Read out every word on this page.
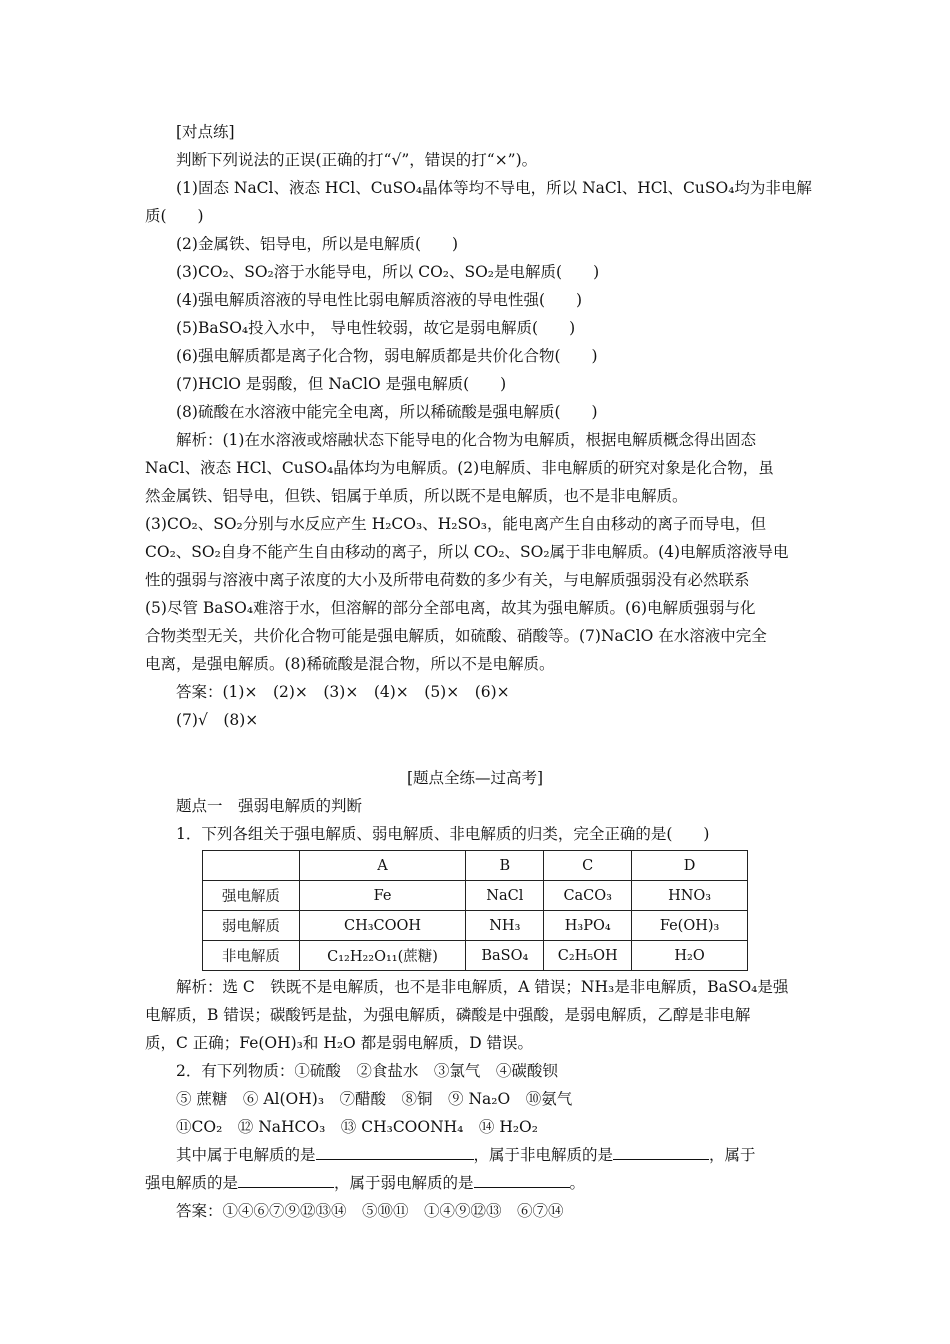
[对点练]
判断下列说法的正误(正确的打“√”，错误的打“×”)。
(1)固态 NaCl、液态 HCl、CuSO₄晶体等均不导电，所以 NaCl、HCl、CuSO₄均为非电解
质(　　)
(2)金属铁、铝导电，所以是电解质(　　)
(3)CO₂、SO₂溶于水能导电，所以 CO₂、SO₂是电解质(　　)
(4)强电解质溶液的导电性比弱电解质溶液的导电性强(　　)
(5)BaSO₄投入水中， 导电性较弱，故它是弱电解质(　　)
(6)强电解质都是离子化合物，弱电解质都是共价化合物(　　)
(7)HClO 是弱酸，但 NaClO 是强电解质(　　)
(8)硫酸在水溶液中能完全电离，所以稀硫酸是强电解质(　　)
解析：(1)在水溶液或熔融状态下能导电的化合物为电解质，根据电解质概念得出固态
NaCl、液态 HCl、CuSO₄晶体均为电解质。(2)电解质、非电解质的研究对象是化合物，虽
然金属铁、铝导电，但铁、铝属于单质，所以既不是电解质，也不是非电解质。
(3)CO₂、SO₂分别与水反应产生 H₂CO₃、H₂SO₃，能电离产生自由移动的离子而导电，但
CO₂、SO₂自身不能产生自由移动的离子，所以 CO₂、SO₂属于非电解质。(4)电解质溶液导电
性的强弱与溶液中离子浓度的大小及所带电荷数的多少有关，与电解质强弱没有必然联系
(5)尽管 BaSO₄难溶于水，但溶解的部分全部电离，故其为强电解质。(6)电解质强弱与化
合物类型无关，共价化合物可能是强电解质，如硫酸、硝酸等。(7)NaClO 在水溶液中完全
电离，是强电解质。(8)稀硫酸是混合物，所以不是电解质。
答案：(1)×　(2)×　(3)×　(4)×　(5)×　(6)×
(7)√　(8)×
[题点全练—过高考]
题点一　强弱电解质的判断
1．下列各组关于强电解质、弱电解质、非电解质的归类，完全正确的是(　　)
	A	B	C	D
强电解质	Fe	NaCl	CaCO₃	HNO₃
弱电解质	CH₃COOH	NH₃	H₃PO₄	Fe(OH)₃
非电解质	C₁₂H₂₂O₁₁(蔗糖)	BaSO₄	C₂H₅OH	H₂O
解析：选 C　铁既不是电解质，也不是非电解质，A 错误；NH₃是非电解质，BaSO₄是强
电解质，B 错误；碳酸钙是盐，为强电解质，磷酸是中强酸，是弱电解质，乙醇是非电解
质，C 正确；Fe(OH)₃和 H₂O 都是弱电解质，D 错误。
2．有下列物质：①硫酸　②食盐水　③氯气　④碳酸钡
⑤ 蔗糖　⑥ Al(OH)₃　⑦醋酸　⑧铜　⑨ Na₂O　⑩氨气
⑪CO₂　⑫ NaHCO₃　⑬ CH₃COONH₄　⑭ H₂O₂
其中属于电解质的是	，属于非电解质的是	，属于
强电解质的是	，属于弱电解质的是	。
答案：①④⑥⑦⑨⑫⑬⑭　⑤⑩⑪　①④⑨⑫⑬　⑥⑦⑭
